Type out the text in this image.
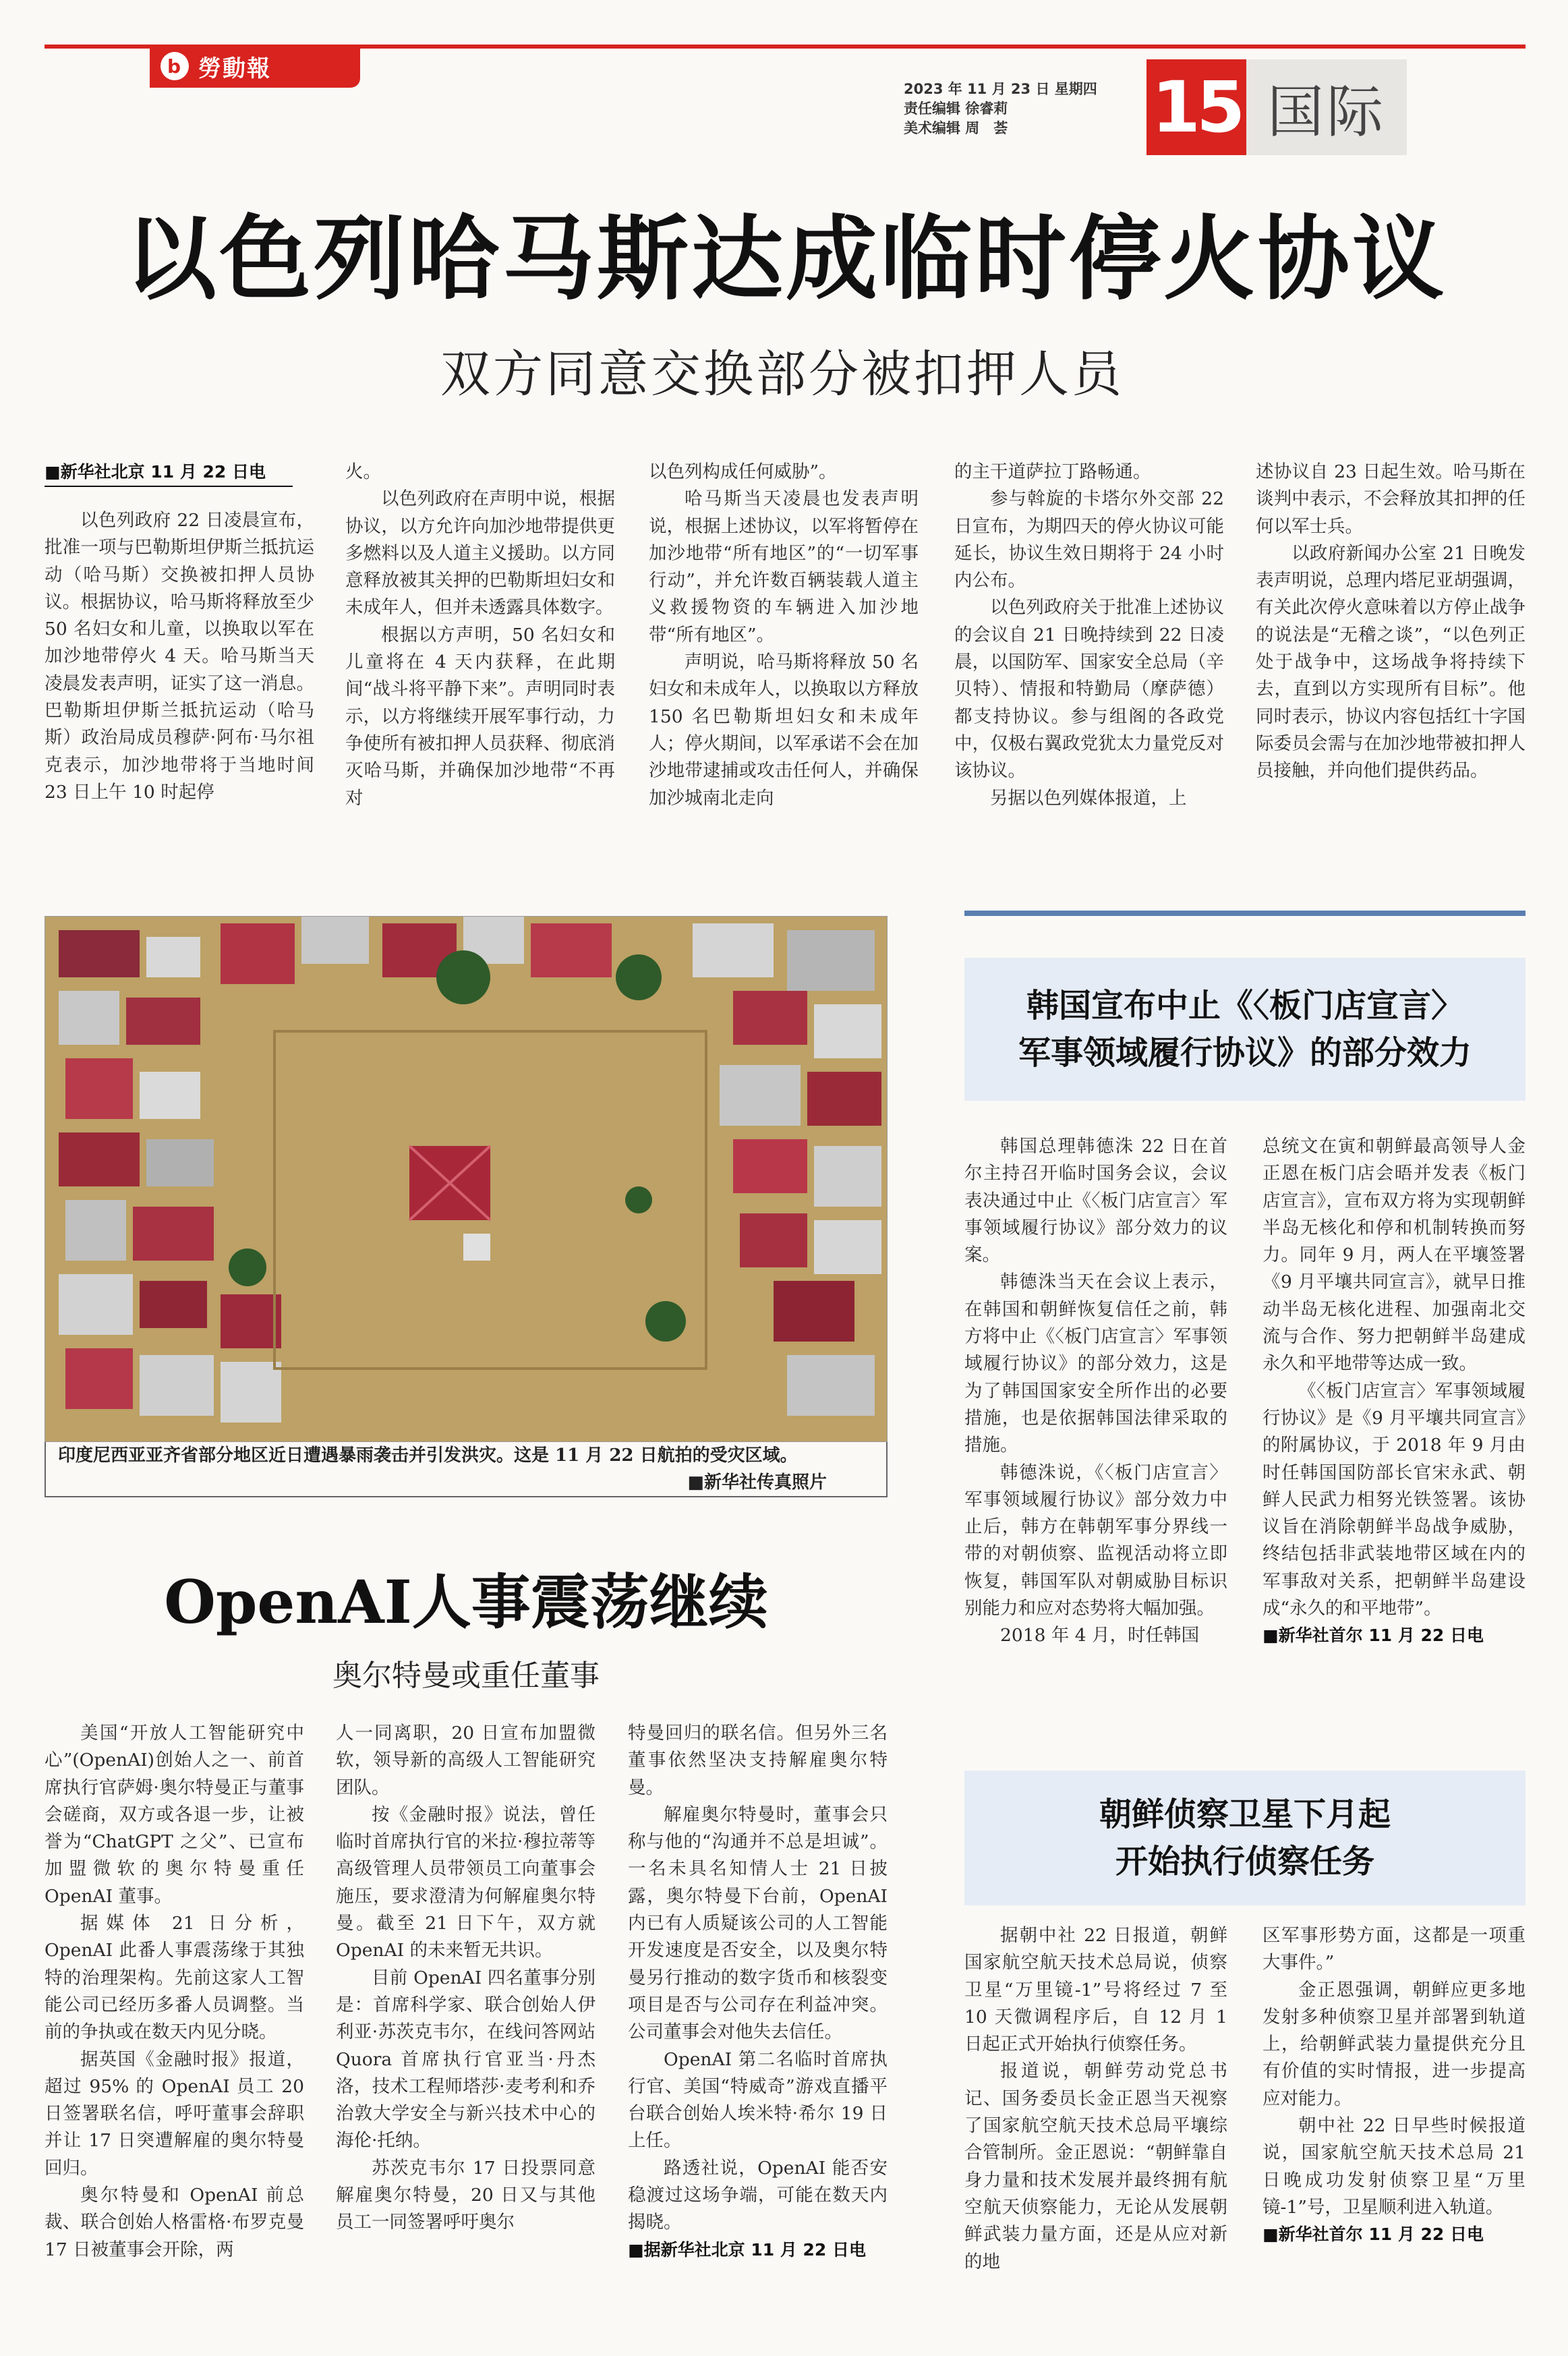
b 勞動報
2023 年 11 月 23 日 星期四
责任编辑 徐睿莉
美术编辑 周　荟	15 国际
以色列哈马斯达成临时停火协议
双方同意交换部分被扣押人员
■新华社北京 11 月 22 日电

以色列政府 22 日凌晨宣布，批准一项与巴勒斯坦伊斯兰抵抗运动（哈马斯）交换被扣押人员协议。根据协议，哈马斯将释放至少 50 名妇女和儿童，以换取以军在加沙地带停火 4 天。哈马斯当天凌晨发表声明，证实了这一消息。巴勒斯坦伊斯兰抵抗运动（哈马斯）政治局成员穆萨·阿布·马尔祖克表示，加沙地带将于当地时间 23 日上午 10 时起停

火。

以色列政府在声明中说，根据协议，以方允许向加沙地带提供更多燃料以及人道主义援助。以方同意释放被其关押的巴勒斯坦妇女和未成年人，但并未透露具体数字。

根据以方声明，50 名妇女和儿童将在 4 天内获释，在此期间“战斗将平静下来”。声明同时表示，以方将继续开展军事行动，力争使所有被扣押人员获释、彻底消灭哈马斯，并确保加沙地带“不再对

以色列构成任何威胁”。

哈马斯当天凌晨也发表声明说，根据上述协议，以军将暂停在加沙地带“所有地区”的“一切军事行动”，并允许数百辆装载人道主义救援物资的车辆进入加沙地带“所有地区”。

声明说，哈马斯将释放 50 名妇女和未成年人，以换取以方释放 150 名巴勒斯坦妇女和未成年人；停火期间，以军承诺不会在加沙地带逮捕或攻击任何人，并确保加沙城南北走向

的主干道萨拉丁路畅通。

参与斡旋的卡塔尔外交部 22 日宣布，为期四天的停火协议可能延长，协议生效日期将于 24 小时内公布。

以色列政府关于批准上述协议的会议自 21 日晚持续到 22 日凌晨，以国防军、国家安全总局（辛贝特）、情报和特勤局（摩萨德）都支持协议。参与组阁的各政党中，仅极右翼政党犹太力量党反对该协议。

另据以色列媒体报道，上

述协议自 23 日起生效。哈马斯在谈判中表示，不会释放其扣押的任何以军士兵。

以政府新闻办公室 21 日晚发表声明说，总理内塔尼亚胡强调，有关此次停火意味着以方停止战争的说法是“无稽之谈”，“以色列正处于战争中，这场战争将持续下去，直到以方实现所有目标”。他同时表示，协议内容包括红十字国际委员会需与在加沙地带被扣押人员接触，并向他们提供药品。

印度尼西亚亚齐省部分地区近日遭遇暴雨袭击并引发洪灾。这是 11 月 22 日航拍的受灾区域。
■新华社传真照片
韩国宣布中止《〈板门店宣言〉
军事领域履行协议》的部分效力

韩国总理韩德洙 22 日在首尔主持召开临时国务会议，会议表决通过中止《〈板门店宣言〉军事领域履行协议》部分效力的议案。

韩德洙当天在会议上表示，在韩国和朝鲜恢复信任之前，韩方将中止《〈板门店宣言〉军事领域履行协议》的部分效力，这是为了韩国国家安全所作出的必要措施，也是依据韩国法律采取的措施。

韩德洙说，《〈板门店宣言〉军事领域履行协议》部分效力中止后，韩方在韩朝军事分界线一带的对朝侦察、监视活动将立即恢复，韩国军队对朝威胁目标识别能力和应对态势将大幅加强。

2018 年 4 月，时任韩国

总统文在寅和朝鲜最高领导人金正恩在板门店会晤并发表《板门店宣言》，宣布双方将为实现朝鲜半岛无核化和停和机制转换而努力。同年 9 月，两人在平壤签署《9 月平壤共同宣言》，就早日推动半岛无核化进程、加强南北交流与合作、努力把朝鲜半岛建成永久和平地带等达成一致。

《〈板门店宣言〉军事领域履行协议》是《9 月平壤共同宣言》的附属协议，于 2018 年 9 月由时任韩国国防部长官宋永武、朝鲜人民武力相努光铁签署。该协议旨在消除朝鲜半岛战争威胁，终结包括非武装地带区域在内的军事敌对关系，把朝鲜半岛建设成“永久的和平地带”。

■新华社首尔 11 月 22 日电
朝鲜侦察卫星下月起
开始执行侦察任务

据朝中社 22 日报道，朝鲜国家航空航天技术总局说，侦察卫星“万里镜-1”号将经过 7 至 10 天微调程序后，自 12 月 1 日起正式开始执行侦察任务。

报道说，朝鲜劳动党总书记、国务委员长金正恩当天视察了国家航空航天技术总局平壤综合管制所。金正恩说：“朝鲜靠自身力量和技术发展并最终拥有航空航天侦察能力，无论从发展朝鲜武装力量方面，还是从应对新的地

区军事形势方面，这都是一项重大事件。”

金正恩强调，朝鲜应更多地发射多种侦察卫星并部署到轨道上，给朝鲜武装力量提供充分且有价值的实时情报，进一步提高应对能力。

朝中社 22 日早些时候报道说，国家航空航天技术总局 21 日晚成功发射侦察卫星“万里镜-1”号，卫星顺利进入轨道。

■新华社首尔 11 月 22 日电
OpenAI人事震荡继续
奥尔特曼或重任董事

美国“开放人工智能研究中心”(OpenAI)创始人之一、前首席执行官萨姆·奥尔特曼正与董事会磋商，双方或各退一步，让被誉为“ChatGPT 之父”、已宣布加盟微软的奥尔特曼重任 OpenAI 董事。

据媒体 21 日分析，OpenAI 此番人事震荡缘于其独特的治理架构。先前这家人工智能公司已经历多番人员调整。当前的争执或在数天内见分晓。

据英国《金融时报》报道，超过 95% 的 OpenAI 员工 20 日签署联名信，呼吁董事会辞职并让 17 日突遭解雇的奥尔特曼回归。

奥尔特曼和 OpenAI 前总裁、联合创始人格雷格·布罗克曼 17 日被董事会开除，两

人一同离职，20 日宣布加盟微软，领导新的高级人工智能研究团队。

按《金融时报》说法，曾任临时首席执行官的米拉·穆拉蒂等高级管理人员带领员工向董事会施压，要求澄清为何解雇奥尔特曼。截至 21 日下午，双方就 OpenAI 的未来暂无共识。

目前 OpenAI 四名董事分别是：首席科学家、联合创始人伊利亚·苏茨克韦尔，在线问答网站 Quora 首席执行官亚当·丹杰洛，技术工程师塔莎·麦考利和乔治敦大学安全与新兴技术中心的海伦·托纳。

苏茨克韦尔 17 日投票同意解雇奥尔特曼，20 日又与其他员工一同签署呼吁奥尔

特曼回归的联名信。但另外三名董事依然坚决支持解雇奥尔特曼。

解雇奥尔特曼时，董事会只称与他的“沟通并不总是坦诚”。一名未具名知情人士 21 日披露，奥尔特曼下台前，OpenAI 内已有人质疑该公司的人工智能开发速度是否安全，以及奥尔特曼另行推动的数字货币和核裂变项目是否与公司存在利益冲突。公司董事会对他失去信任。

OpenAI 第二名临时首席执行官、美国“特威奇”游戏直播平台联合创始人埃米特·希尔 19 日上任。

路透社说，OpenAI 能否安稳渡过这场争端，可能在数天内揭晓。

■据新华社北京 11 月 22 日电
